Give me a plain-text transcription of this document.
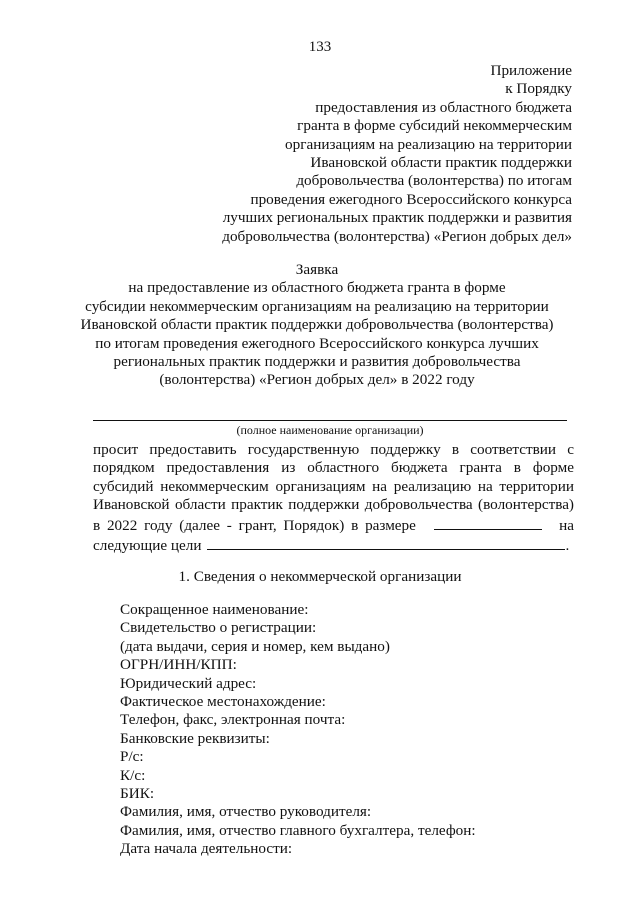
133
Приложение
к Порядку
предоставления из областного бюджета
гранта в форме субсидий некоммерческим
организациям на реализацию на территории
Ивановской области практик поддержки
добровольчества (волонтерства) по итогам
проведения ежегодного Всероссийского конкурса
лучших региональных практик поддержки и развития
добровольчества (волонтерства) «Регион добрых дел»
Заявка
на предоставление из областного бюджета гранта в форме
субсидии некоммерческим организациям на реализацию на территории
Ивановской области практик поддержки добровольчества (волонтерства)
по итогам проведения ежегодного Всероссийского конкурса лучших
региональных практик поддержки и развития добровольчества
(волонтерства) «Регион добрых дел» в 2022 году
(полное наименование организации)
просит предоставить государственную поддержку в соответствии с
порядком предоставления из областного бюджета гранта в форме
субсидий некоммерческим организациям на реализацию на территории
Ивановской области практик поддержки добровольчества (волонтерства)
в 2022 году (далее - грант, Порядок) в размере	на
следующие цели	.
1. Сведения о некоммерческой организации
Сокращенное наименование:
Свидетельство о регистрации:
(дата выдачи, серия и номер, кем выдано)
ОГРН/ИНН/КПП:
Юридический адрес:
Фактическое местонахождение:
Телефон, факс, электронная почта:
Банковские реквизиты:
Р/с:
К/с:
БИК:
Фамилия, имя, отчество руководителя:
Фамилия, имя, отчество главного бухгалтера, телефон:
Дата начала деятельности:
